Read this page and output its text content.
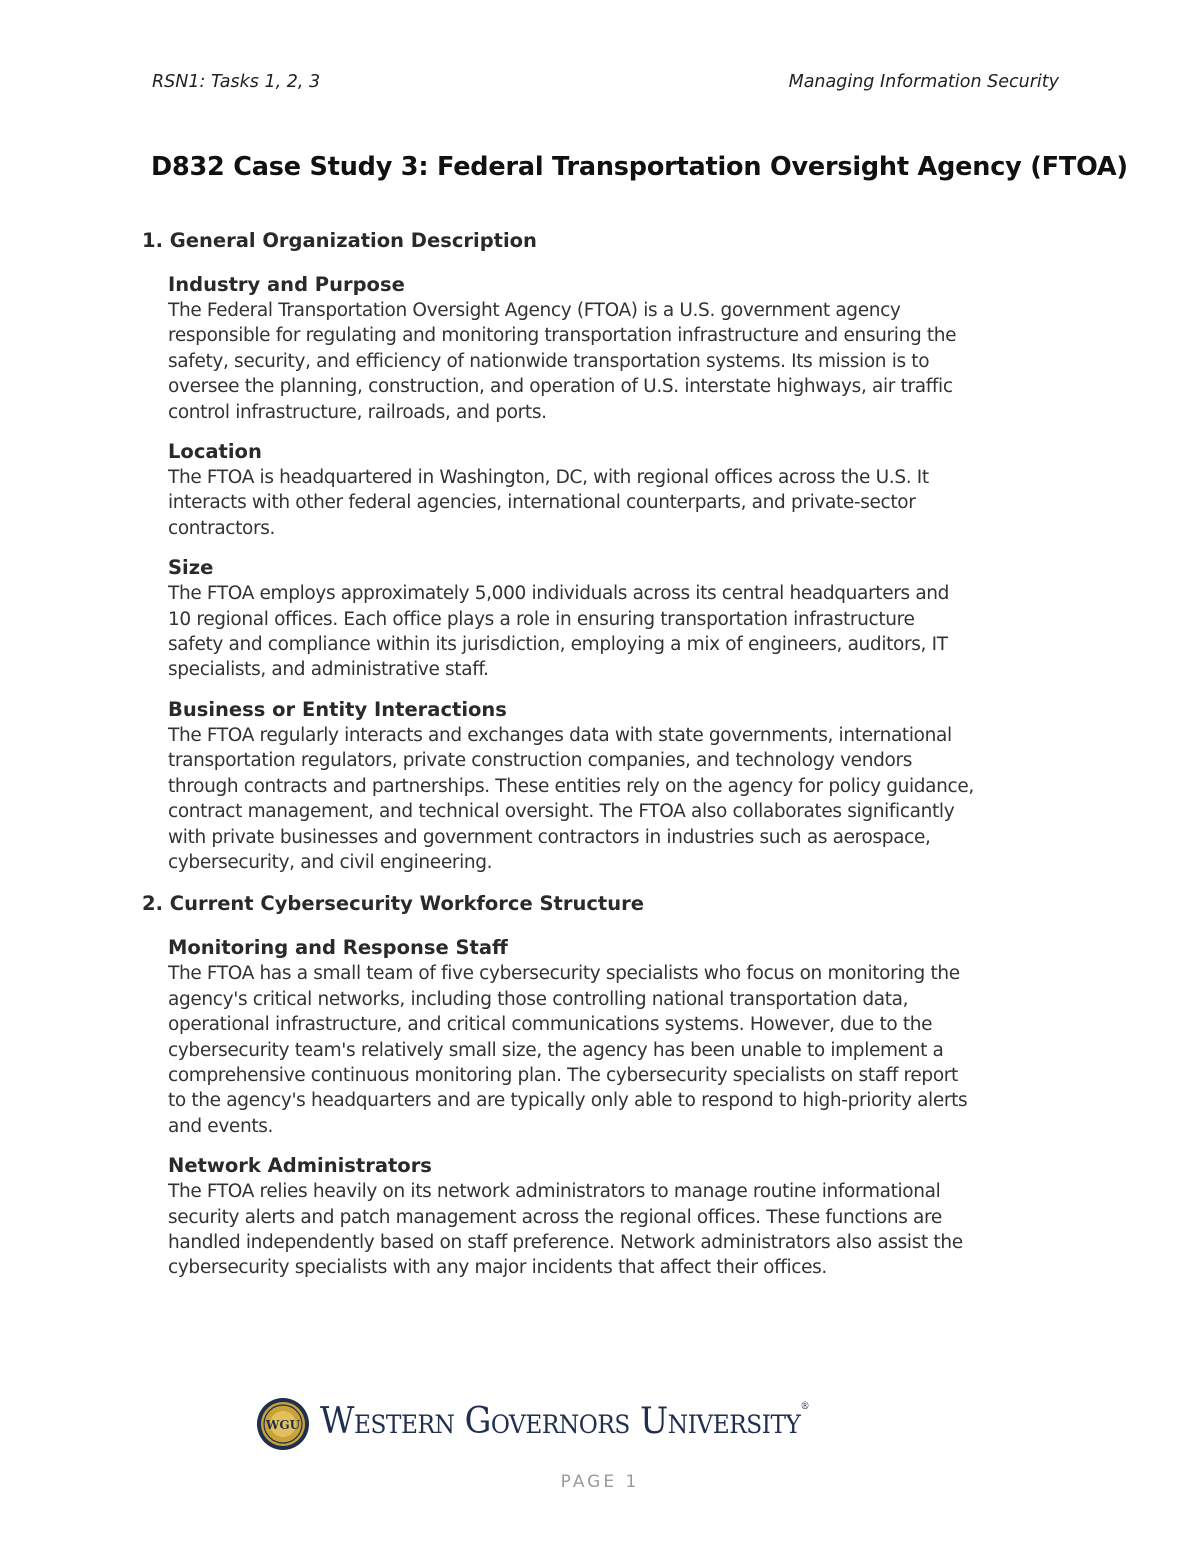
RSN1: Tasks 1, 2, 3	Managing Information Security
D832 Case Study 3: Federal Transportation Oversight Agency (FTOA)
1. General Organization Description
Industry and Purpose
The Federal Transportation Oversight Agency (FTOA) is a U.S. government agency
responsible for regulating and monitoring transportation infrastructure and ensuring the
safety, security, and efficiency of nationwide transportation systems. Its mission is to
oversee the planning, construction, and operation of U.S. interstate highways, air traffic
control infrastructure, railroads, and ports.
Location
The FTOA is headquartered in Washington, DC, with regional offices across the U.S. It
interacts with other federal agencies, international counterparts, and private-sector
contractors.
Size
The FTOA employs approximately 5,000 individuals across its central headquarters and
10 regional offices. Each office plays a role in ensuring transportation infrastructure
safety and compliance within its jurisdiction, employing a mix of engineers, auditors, IT
specialists, and administrative staff.
Business or Entity Interactions
The FTOA regularly interacts and exchanges data with state governments, international
transportation regulators, private construction companies, and technology vendors
through contracts and partnerships. These entities rely on the agency for policy guidance,
contract management, and technical oversight. The FTOA also collaborates significantly
with private businesses and government contractors in industries such as aerospace,
cybersecurity, and civil engineering.
2. Current Cybersecurity Workforce Structure
Monitoring and Response Staff
The FTOA has a small team of five cybersecurity specialists who focus on monitoring the
agency's critical networks, including those controlling national transportation data,
operational infrastructure, and critical communications systems. However, due to the
cybersecurity team's relatively small size, the agency has been unable to implement a
comprehensive continuous monitoring plan. The cybersecurity specialists on staff report
to the agency's headquarters and are typically only able to respond to high-priority alerts
and events.
Network Administrators
The FTOA relies heavily on its network administrators to manage routine informational
security alerts and patch management across the regional offices. These functions are
handled independently based on staff preference. Network administrators also assist the
cybersecurity specialists with any major incidents that affect their offices.
WGU Western Governors University®
PAGE 1
